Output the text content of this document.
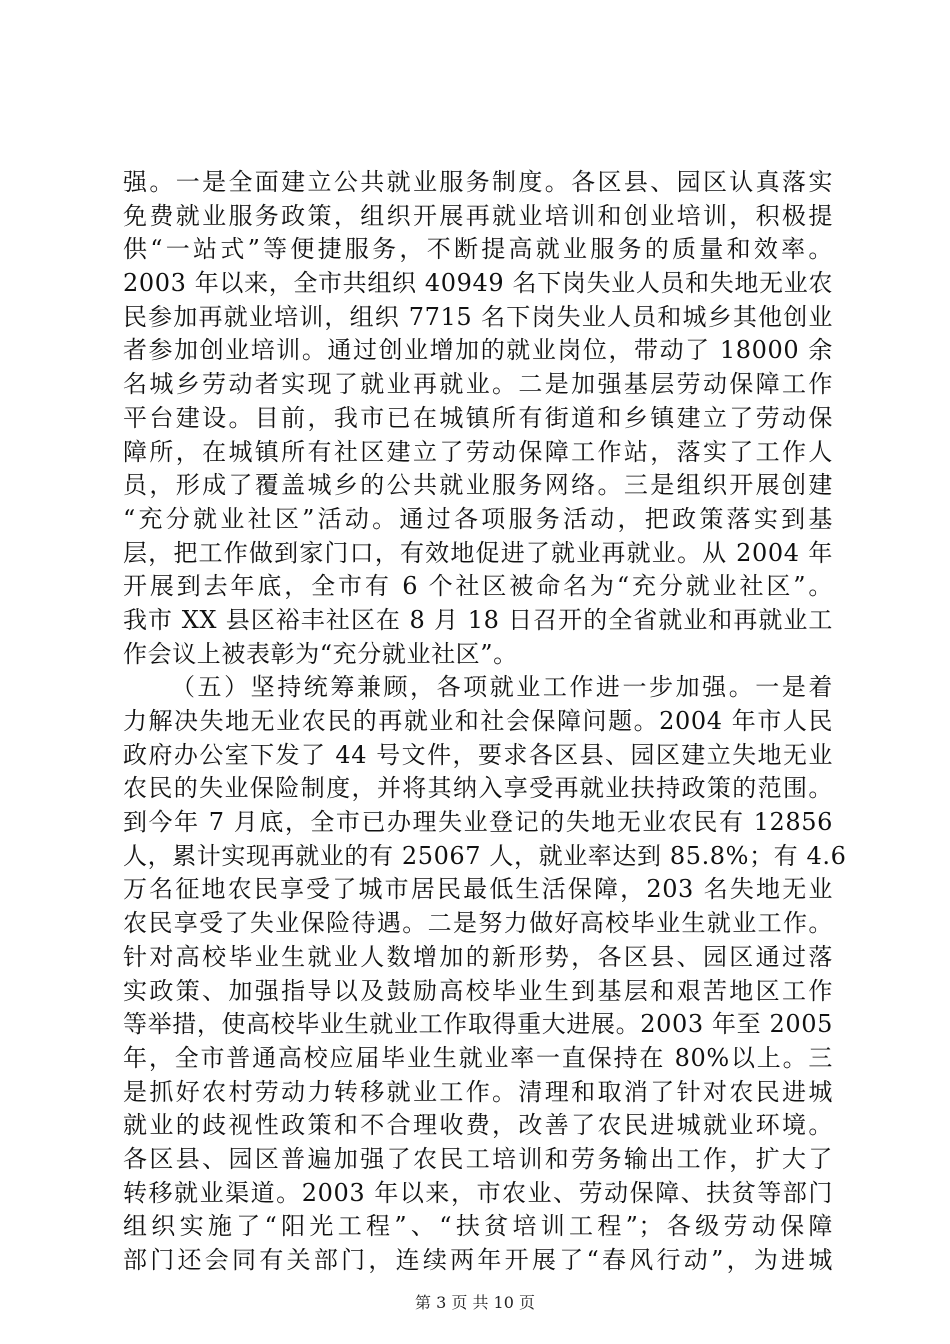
强。一是全面建立公共就业服务制度。各区县、园区认真落实
免费就业服务政策，组织开展再就业培训和创业培训，积极提
供“一站式”等便捷服务，不断提高就业服务的质量和效率。
2003 年以来，全市共组织 40949 名下岗失业人员和失地无业农
民参加再就业培训，组织 7715 名下岗失业人员和城乡其他创业
者参加创业培训。通过创业增加的就业岗位，带动了 18000 余
名城乡劳动者实现了就业再就业。二是加强基层劳动保障工作
平台建设。目前，我市已在城镇所有街道和乡镇建立了劳动保
障所，在城镇所有社区建立了劳动保障工作站，落实了工作人
员，形成了覆盖城乡的公共就业服务网络。三是组织开展创建
“充分就业社区”活动。通过各项服务活动，把政策落实到基
层，把工作做到家门口，有效地促进了就业再就业。从 2004 年
开展到去年底，全市有 6 个社区被命名为“充分就业社区”。
我市 XX 县区裕丰社区在 8 月 18 日召开的全省就业和再就业工
作会议上被表彰为“充分就业社区”。
（五）坚持统筹兼顾，各项就业工作进一步加强。一是着
力解决失地无业农民的再就业和社会保障问题。2004 年市人民
政府办公室下发了 44 号文件，要求各区县、园区建立失地无业
农民的失业保险制度，并将其纳入享受再就业扶持政策的范围。
到今年 7 月底，全市已办理失业登记的失地无业农民有 12856
人，累计实现再就业的有 25067 人，就业率达到 85.8%；有 4.6
万名征地农民享受了城市居民最低生活保障，203 名失地无业
农民享受了失业保险待遇。二是努力做好高校毕业生就业工作。
针对高校毕业生就业人数增加的新形势，各区县、园区通过落
实政策、加强指导以及鼓励高校毕业生到基层和艰苦地区工作
等举措，使高校毕业生就业工作取得重大进展。2003 年至 2005
年，全市普通高校应届毕业生就业率一直保持在 80%以上。三
是抓好农村劳动力转移就业工作。清理和取消了针对农民进城
就业的歧视性政策和不合理收费，改善了农民进城就业环境。
各区县、园区普遍加强了农民工培训和劳务输出工作，扩大了
转移就业渠道。2003 年以来，市农业、劳动保障、扶贫等部门
组织实施了“阳光工程”、“扶贫培训工程”；各级劳动保障
部门还会同有关部门，连续两年开展了“春风行动”，为进城
第 3 页 共 10 页
